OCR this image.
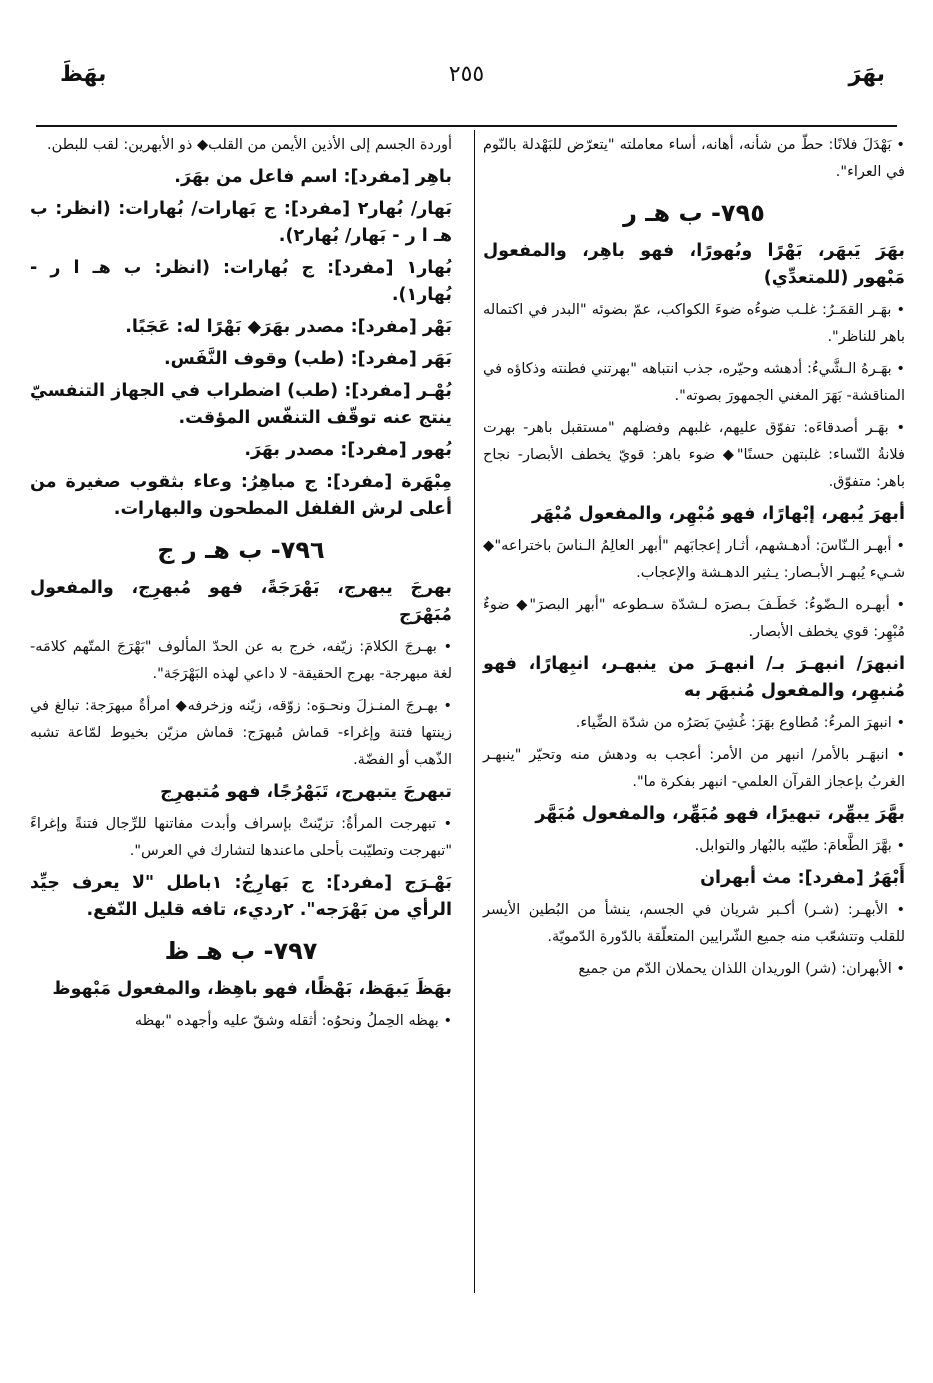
بهَرَ
٢٥٥
بهَظَ
• بَهْدَلَ فلانًا: حطّ من شأنه، أهانه، أساء معاملته "يتعرّض للبَهْدلة بالنّوم في العراء".
٧٩٥- ب هـ ر
بهَرَ يَبهَر، بَهْرًا وبُهورًا، فهو باهِر، والمفعول مَبْهور (للمتعدِّي)
• بهَـر القمَـرُ: غلـب ضوءُه ضوءَ الكواكب، عمّ بضوئه "البدر في اكتماله باهر للناظر".
• بهَـرهُ الـشَّيءُ: أدهشه وحيّره، جذب انتباهه "بهرتني فطنته وذكاؤه في المناقشة- بَهَرَ المغني الجمهورَ بصوته".
• بهَـر أصدقاءَه: تفوّق عليهم، غلبهم وفضلهم "مستقبل باهر- بهرت فلانةُ النّساء: غلبتهن حسنًا"◆ ضوء باهر: قويّ يخطف الأبصار- نجاح باهر: متفوّق.
أبهرَ يُبهر، إبْهارًا، فهو مُبْهِر، والمفعول مُبْهَر
• أبهـر الـنّاسَ: أدهـشهم، أثـار إعجابَهم "أبهر العالِمُ الـناسَ باختراعه"◆ شـيء يُبهـر الأبـصار: يـثير الدهـشة والإعجاب.
• أبهـره الـضّوءُ: خَطَـفَ بـصرَه لـشدّة سـطوعه "أبهر البصرَ"◆ ضوءٌ مُبْهِر: قوي يخطف الأبصار.
انبهرَ/ انبهـرَ بـ/ انبهـرَ من ينبهـر، انبِهارًا، فهو مُنبهِر، والمفعول مُنبهَر به
• انبهرَ المرءُ: مُطاوع بهَرَ: غُشِيَ بَصَرُه من شدّة الضِّياء.
• انبهَـر بالأمر/ انبهر من الأمر: أعجب به ودهش منه وتحيّر "ينبهـر الغربُ بإعجاز القرآن العلمي- انبهر بفكرة ما".
بهَّرَ يبهِّر، تبهيرًا، فهو مُبَهِّر، والمفعول مُبَهَّر
• بهَّرَ الطَّعامَ: طيّبه بالبُهار والتوابل.
أَبْهَرُ [مفرد]: مث أبهران
• الأبهـر: (شـر) أكـبر شريان في الجسم، ينشأ من البُطين الأيسر للقلب وتتشعّب منه جميع الشّرايين المتعلّقة بالدّورة الدّمويّة.
• الأبهران: (شر) الوريدان اللذان يحملان الدّم من جميع
أوردة الجسم إلى الأذين الأيمن من القلب◆ ذو الأبهرين: لقب للبطن.
باهِر [مفرد]: اسم فاعل من بهَرَ.
بَهار/ بُهار٢ [مفرد]: ج بَهارات/ بُهارات: (انظر: ب هـ ا ر - بَهار/ بُهار٢).
بُهار١ [مفرد]: ج بُهارات: (انظر: ب هـ ا ر - بُهار١).
بَهْر [مفرد]: مصدر بهَرَ◆ بَهْرًا له: عَجَبًا.
بَهَر [مفرد]: (طب) وقوف النَّفَس.
بُهْـر [مفرد]: (طب) اضطراب في الجهاز التنفسيّ ينتج عنه توقّف التنفّس المؤقت.
بُهور [مفرد]: مصدر بهَرَ.
مِبْهَرة [مفرد]: ج مباهِرُ: وعاء بثقوب صغيرة من أعلى لرش الفلفل المطحون والبهارات.
٧٩٦- ب هـ ر ج
بهرجَ يبهرج، بَهْرَجَةً، فهو مُبهرِج، والمفعول مُبَهْرَج
• بهـرجَ الكلامَ: زيّفه، خرج به عن الحدّ المألوف "بَهْرَجَ المتّهم كلامَه- لغة مبهرجة- بهرج الحقيقة- لا داعي لهذه البَهْرَجَة".
• بهـرجَ المنـزلَ ونحـوَه: زوّقه، زيّنه وزخرفه◆ امرأةٌ مبهرَجة: تبالغ في زينتها فتنة وإغراء- قماش مُبهرَج: قماش مزيّن بخيوط لمّاعة تشبه الذّهب أو الفضّة.
تبهرجَ يتبهرج، تَبَهْرُجًا، فهو مُتبهرِج
• تبهرجت المرأةُ: تزيّنتْ بإسراف وأبدت مفاتنها للرِّجال فتنةً وإغراءً "تبهرجت وتطيّبت بأحلى ماعندها لتشارك في العرس".
بَهْـرَج [مفرد]: ج بَهارِجُ: ١باطل "لا يعرف جيِّد الرأي من بَهْرَجه". ٢رديء، تافه قليل النّفع.
٧٩٧- ب هـ ظ
بهَظَ يَبهَظ، بَهْظًا، فهو باهِظ، والمفعول مَبْهوظ
• بهظه الحِملُ ونحوُه: أثقله وشقّ عليه وأجهده "بهظه
